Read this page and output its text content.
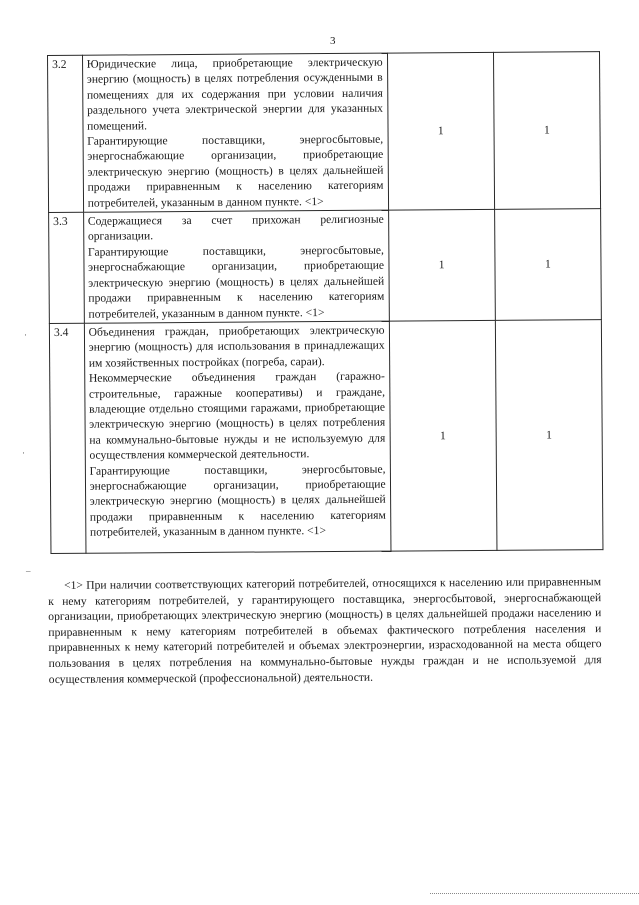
3
3.2	Юридические лица, приобретающие электрическую энергию (мощность) в целях потребления осужденными в помещениях для их содержания при условии наличия раздельного учета электрической энергии для указанных помещений.

Гарантирующие поставщики, энергосбытовые, энергоснабжающие организации, приобретающие электрическую энергию (мощность) в целях дальнейшей продажи приравненным к населению категориям потребителей, указанным в данном пункте. <1>	1	1
3.3	Содержащиеся за счет прихожан религиозные организации.

Гарантирующие поставщики, энергосбытовые, энергоснабжающие организации, приобретающие электрическую энергию (мощность) в целях дальнейшей продажи приравненным к населению категориям потребителей, указанным в данном пункте. <1>	1	1
3.4	Объединения граждан, приобретающих электрическую энергию (мощность) для использования в принадлежащих им хозяйственных постройках (погреба, сараи).

Некоммерческие объединения граждан (гаражно-строительные, гаражные кооперативы) и граждане, владеющие отдельно стоящими гаражами, приобретающие электрическую энергию (мощность) в целях потребления на коммунально-бытовые нужды и не используемую для осуществления коммерческой деятельности.

Гарантирующие поставщики, энергосбытовые, энергоснабжающие организации, приобретающие электрическую энергию (мощность) в целях дальнейшей продажи приравненным к населению категориям потребителей, указанным в данном пункте. <1>	1	1
·
·
–

<1> При наличии соответствующих категорий потребителей, относящихся к населению или приравненным к нему категориям потребителей, у гарантирующего поставщика, энергосбытовой, энергоснабжающей организации, приобретающих электрическую энергию (мощность) в целях дальнейшей продажи населению и приравненным к нему категориям потребителей в объемах фактического потребления населения и приравненных к нему категорий потребителей и объемах электроэнергии, израсходованной на места общего пользования в целях потребления на коммунально-бытовые нужды граждан и не используемой для осуществления коммерческой (профессиональной) деятельности.
